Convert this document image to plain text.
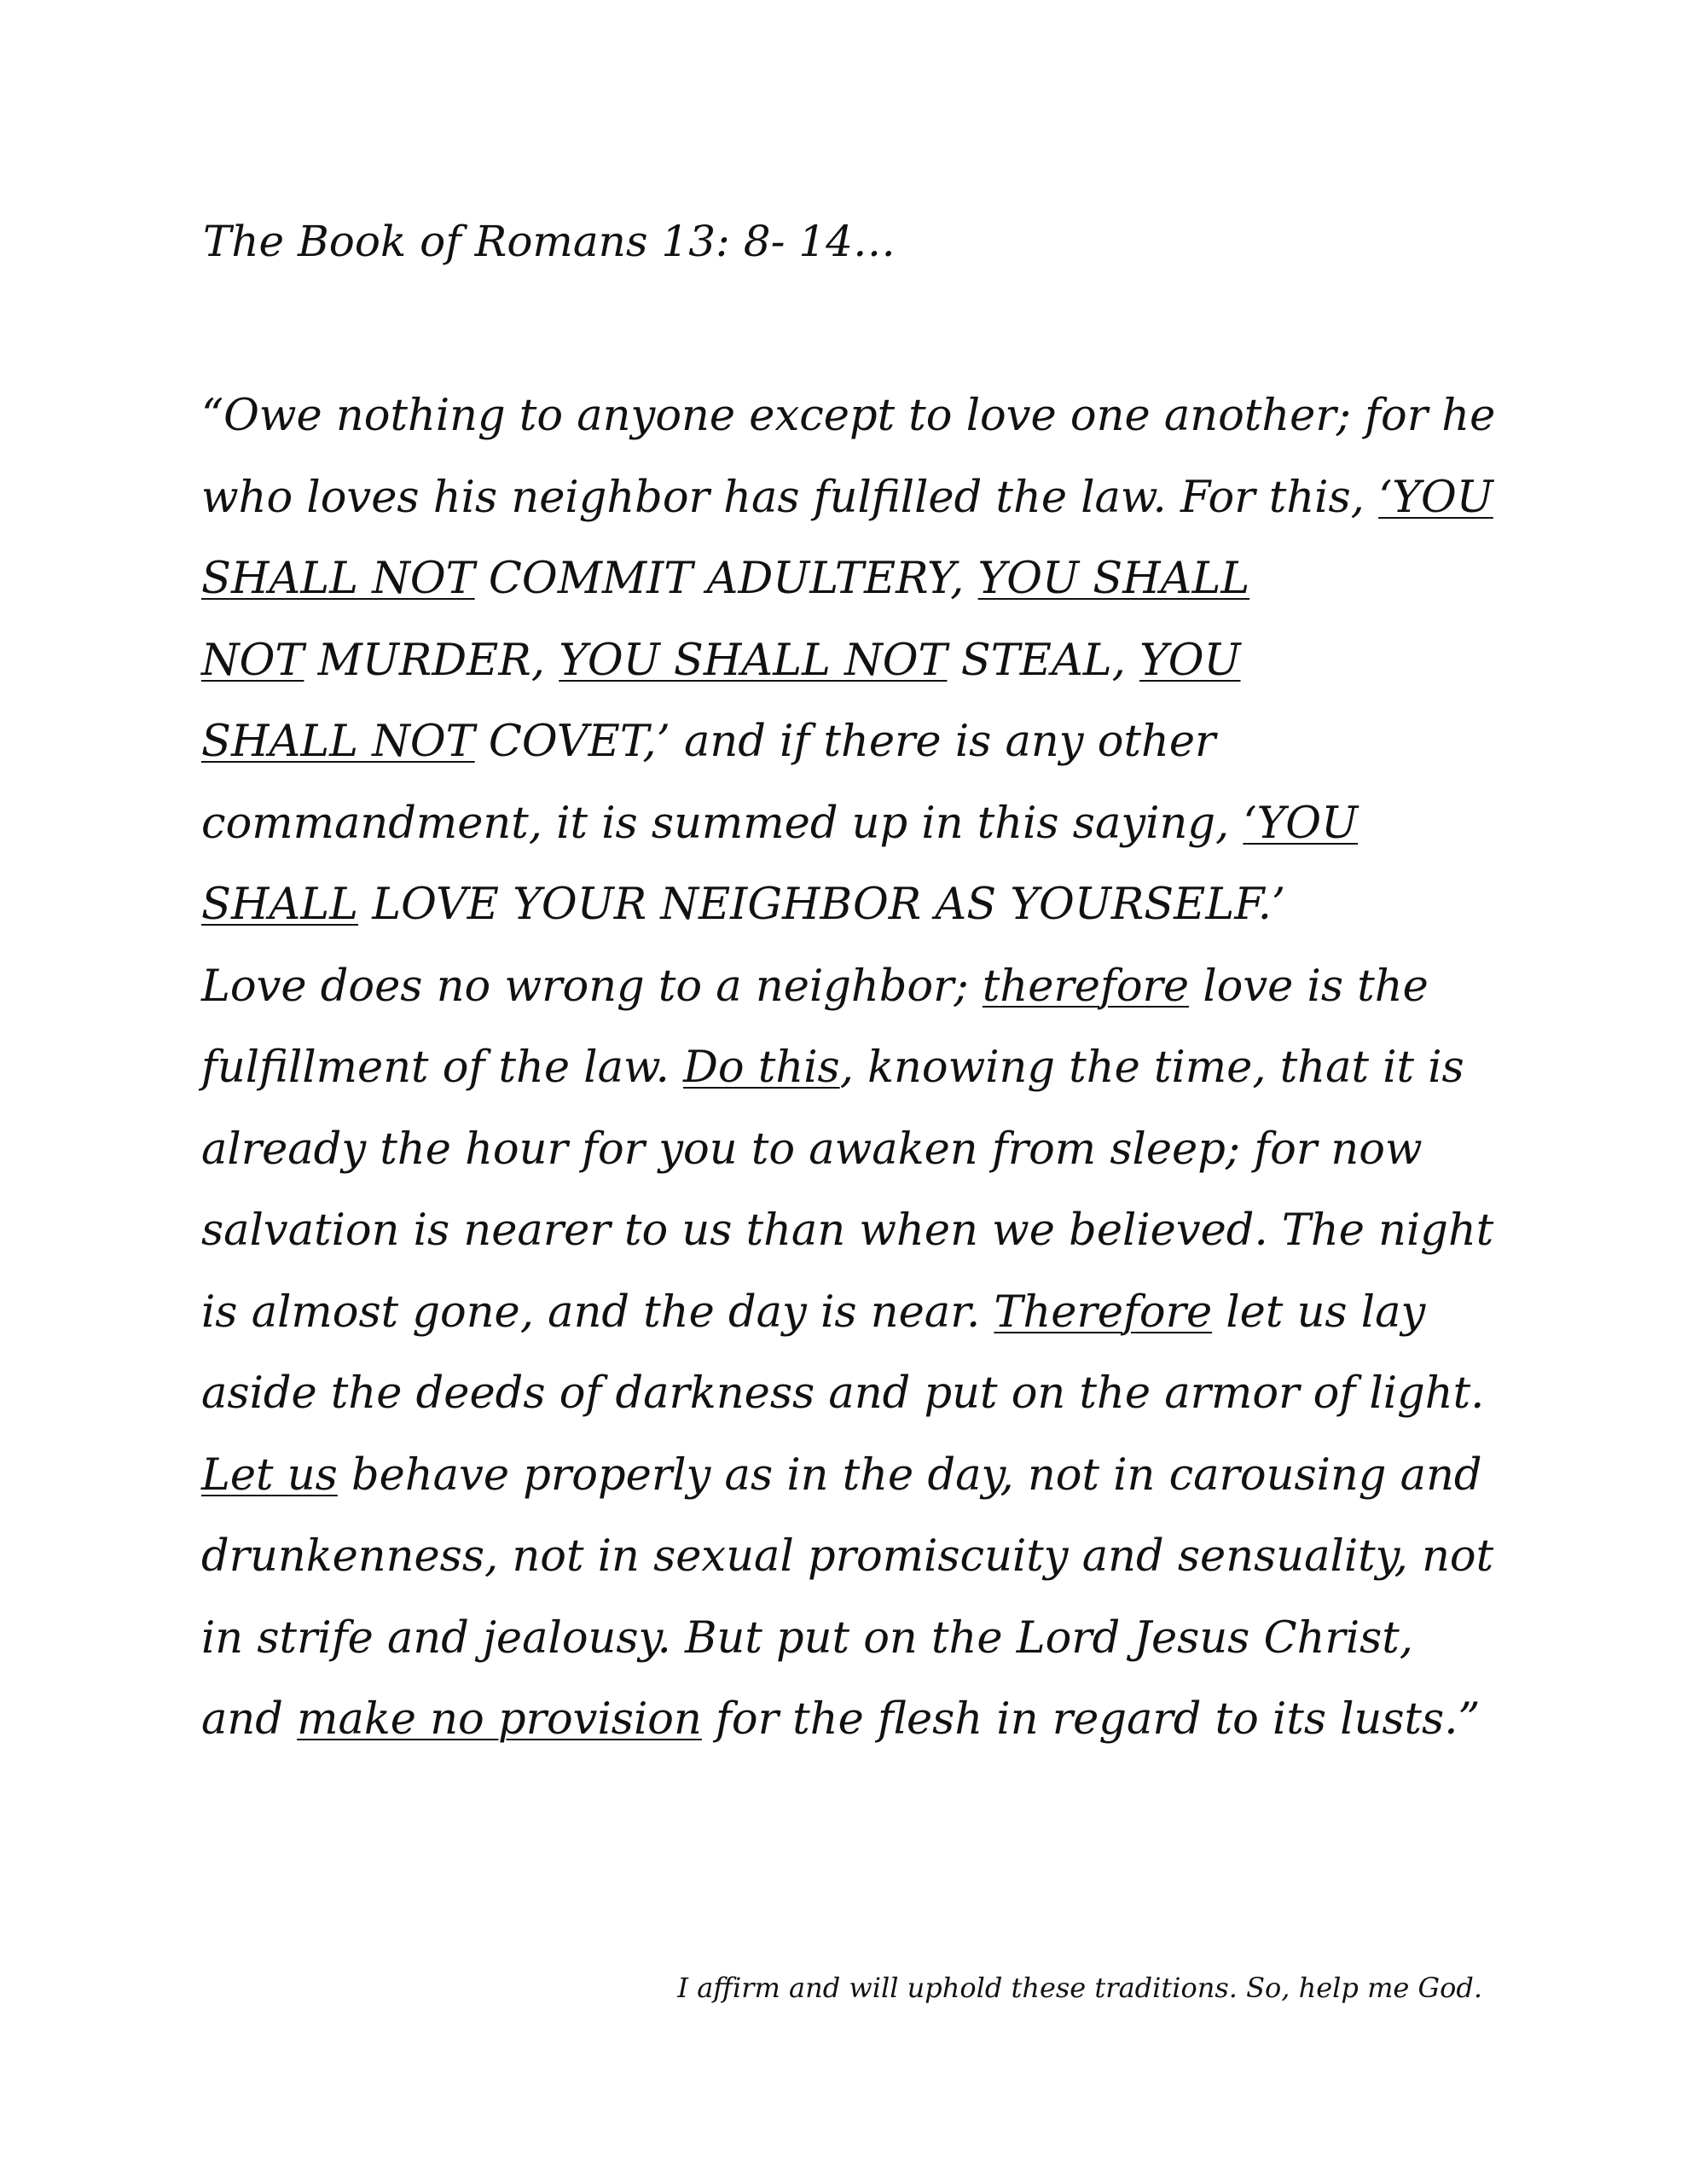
The Book of Romans 13: 8- 14…
“Owe nothing to anyone except to love one another; for he
who loves his neighbor has fulfilled the law. For this, ‘YOU
SHALL NOT COMMIT ADULTERY, YOU SHALL
NOT MURDER, YOU SHALL NOT STEAL, YOU
SHALL NOT COVET,’ and if there is any other
commandment, it is summed up in this saying, ‘YOU
SHALL LOVE YOUR NEIGHBOR AS YOURSELF.’
Love does no wrong to a neighbor; therefore love is the
fulfillment of the law. Do this, knowing the time, that it is
already the hour for you to awaken from sleep; for now
salvation is nearer to us than when we believed. The night
is almost gone, and the day is near. Therefore let us lay
aside the deeds of darkness and put on the armor of light.
Let us behave properly as in the day, not in carousing and
drunkenness, not in sexual promiscuity and sensuality, not
in strife and jealousy. But put on the Lord Jesus Christ,
and make no provision for the flesh in regard to its lusts.”
I affirm and will uphold these traditions. So, help me God.
